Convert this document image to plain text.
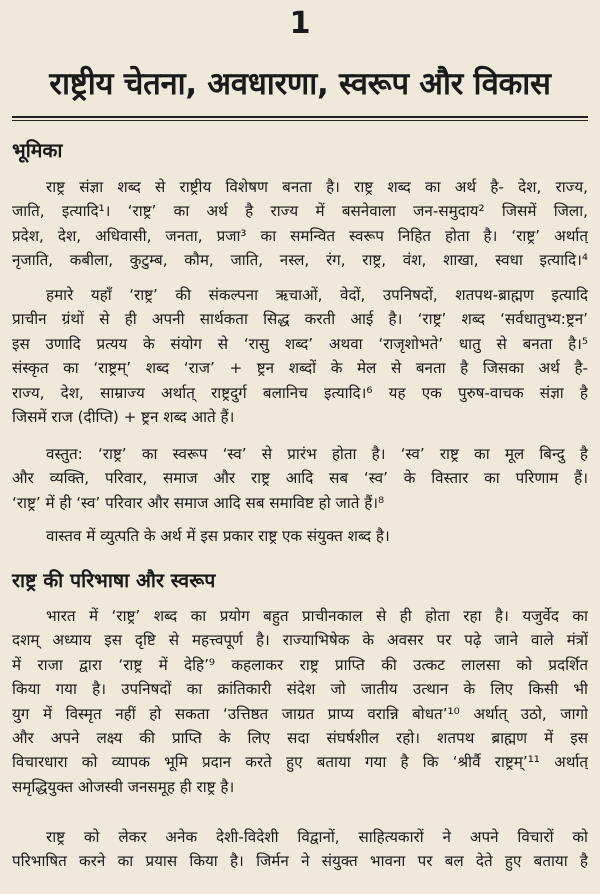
1
राष्ट्रीय चेतना, अवधारणा, स्वरूप और विकास
भूमिका
राष्ट्र संज्ञा शब्द से राष्ट्रीय विशेषण बनता है। राष्ट्र शब्द का अर्थ है- देश, राज्य,
जाति, इत्यादि¹। ‘राष्ट्र’ का अर्थ है राज्य में बसनेवाला जन-समुदाय² जिसमें जिला,
प्रदेश, देश, अधिवासी, जनता, प्रजा³ का समन्वित स्वरूप निहित होता है। ‘राष्ट्र’ अर्थात्
नृजाति, कबीला, कुटुम्ब, कौम, जाति, नस्ल, रंग, राष्ट्र, वंश, शाखा, स्वधा इत्यादि।⁴
हमारे यहाँ ‘राष्ट्र’ की संकल्पना ऋचाओं, वेदों, उपनिषदों, शतपथ-ब्राह्मण इत्यादि
प्राचीन ग्रंथों से ही अपनी सार्थकता सिद्ध करती आई है। ‘राष्ट्र’ शब्द ‘सर्वधातुभ्य:ष्ट्रन’
इस उणादि प्रत्यय के संयोग से ‘रासु शब्द’ अथवा ‘राजृशोभते’ धातु से बनता है।⁵
संस्कृत का ‘राष्ट्रम्’ शब्द ‘राज’ + ष्ट्रन शब्दों के मेल से बनता है जिसका अर्थ है-
राज्य, देश, साम्राज्य अर्थात् राष्ट्रदुर्ग बलानिच इत्यादि।⁶ यह एक पुरुष-वाचक संज्ञा है
जिसमें राज (दीप्ति) + ष्ट्रन शब्द आते हैं।
वस्तुत: ‘राष्ट्र’ का स्वरूप ‘स्व’ से प्रारंभ होता है। ‘स्व’ राष्ट्र का मूल बिन्दु है
और व्यक्ति, परिवार, समाज और राष्ट्र आदि सब ‘स्व’ के विस्तार का परिणाम हैं।
‘राष्ट्र’ में ही ‘स्व’ परिवार और समाज आदि सब समाविष्ट हो जाते हैं।⁸
वास्तव में व्युत्पति के अर्थ में इस प्रकार राष्ट्र एक संयुक्त शब्द है।
राष्ट्र की परिभाषा और स्वरूप
भारत में ‘राष्ट्र’ शब्द का प्रयोग बहुत प्राचीनकाल से ही होता रहा है। यजुर्वेद का
दशम् अध्याय इस दृष्टि से महत्त्वपूर्ण है। राज्याभिषेक के अवसर पर पढ़े जाने वाले मंत्रों
में राजा द्वारा ‘राष्ट्र में देहि’⁹ कहलाकर राष्ट्र प्राप्ति की उत्कट लालसा को प्रदर्शित
किया गया है। उपनिषदों का क्रांतिकारी संदेश जो जातीय उत्थान के लिए किसी भी
युग में विस्मृत नहीं हो सकता ‘उत्तिष्ठत जाग्रत प्राप्य वरान्नि बोधत’¹⁰ अर्थात् उठो, जागो
और अपने लक्ष्य की प्राप्ति के लिए सदा संघर्षशील रहो। शतपथ ब्राह्मण में इस
विचारधारा को व्यापक भूमि प्रदान करते हुए बताया गया है कि ‘श्रीर्वै राष्ट्रम्’¹¹ अर्थात्
समृद्धियुक्त ओजस्वी जनसमूह ही राष्ट्र है।
राष्ट्र को लेकर अनेक देशी-विदेशी विद्वानों, साहित्यकारों ने अपने विचारों को
परिभाषित करने का प्रयास किया है। जिर्मन ने संयुक्त भावना पर बल देते हुए बताया है
